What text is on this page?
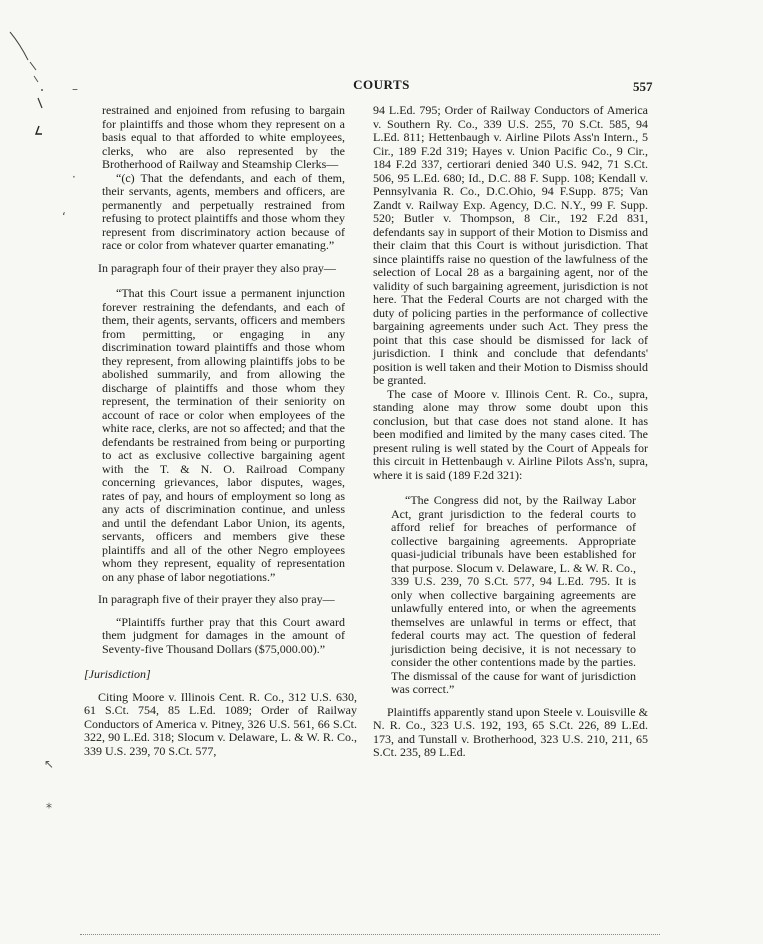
–
·
‘
↖
⁎
COURTS	557

restrained and enjoined from refusing to bargain for plaintiffs and those whom they represent on a basis equal to that afforded to white employees, clerks, who are also represented by the Brotherhood of Railway and Steamship Clerks—

“(c) That the defendants, and each of them, their servants, agents, members and officers, are permanently and perpetually restrained from refusing to protect plaintiffs and those whom they represent from discriminatory action because of race or color from whatever quarter emanating.”

In paragraph four of their prayer they also pray—

“That this Court issue a permanent injunction forever restraining the defendants, and each of them, their agents, servants, officers and members from permitting, or engaging in any discrimination toward plaintiffs and those whom they represent, from allowing plaintiffs jobs to be abolished summarily, and from allowing the discharge of plaintiffs and those whom they represent, the termination of their seniority on account of race or color when employees of the white race, clerks, are not so affected; and that the defendants be restrained from being or purporting to act as exclusive collective bargaining agent with the T. & N. O. Railroad Company concerning grievances, labor disputes, wages, rates of pay, and hours of employment so long as any acts of discrimination continue, and unless and until the defendant Labor Union, its agents, servants, officers and members give these plaintiffs and all of the other Negro employees whom they represent, equality of representation on any phase of labor negotiations.”

In paragraph five of their prayer they also pray—

“Plaintiffs further pray that this Court award them judgment for damages in the amount of Seventy-five Thousand Dollars ($75,000.00).”

[Jurisdiction]

Citing Moore v. Illinois Cent. R. Co., 312 U.S. 630, 61 S.Ct. 754, 85 L.Ed. 1089; Order of Railway Conductors of America v. Pitney, 326 U.S. 561, 66 S.Ct. 322, 90 L.Ed. 318; Slocum v. Delaware, L. & W. R. Co., 339 U.S. 239, 70 S.Ct. 577,

94 L.Ed. 795; Order of Railway Conductors of America v. Southern Ry. Co., 339 U.S. 255, 70 S.Ct. 585, 94 L.Ed. 811; Hettenbaugh v. Airline Pilots Ass'n Intern., 5 Cir., 189 F.2d 319; Hayes v. Union Pacific Co., 9 Cir., 184 F.2d 337, certiorari denied 340 U.S. 942, 71 S.Ct. 506, 95 L.Ed. 680; Id., D.C. 88 F. Supp. 108; Kendall v. Pennsylvania R. Co., D.C.Ohio, 94 F.Supp. 875; Van Zandt v. Railway Exp. Agency, D.C. N.Y., 99 F. Supp. 520; Butler v. Thompson, 8 Cir., 192 F.2d 831, defendants say in support of their Motion to Dismiss and their claim that this Court is without jurisdiction. That since plaintiffs raise no question of the lawfulness of the selection of Local 28 as a bargaining agent, nor of the validity of such bargaining agreement, jurisdiction is not here. That the Federal Courts are not charged with the duty of policing parties in the performance of collective bargaining agreements under such Act. They press the point that this case should be dismissed for lack of jurisdiction. I think and conclude that defendants' position is well taken and their Motion to Dismiss should be granted.

The case of Moore v. Illinois Cent. R. Co., supra, standing alone may throw some doubt upon this conclusion, but that case does not stand alone. It has been modified and limited by the many cases cited. The present ruling is well stated by the Court of Appeals for this circuit in Hettenbaugh v. Airline Pilots Ass'n, supra, where it is said (189 F.2d 321):

“The Congress did not, by the Railway Labor Act, grant jurisdiction to the federal courts to afford relief for breaches of performance of collective bargaining agreements. Appropriate quasi-judicial tribunals have been established for that purpose. Slocum v. Delaware, L. & W. R. Co., 339 U.S. 239, 70 S.Ct. 577, 94 L.Ed. 795. It is only when collective bargaining agreements are unlawfully entered into, or when the agreements themselves are unlawful in terms or effect, that federal courts may act. The question of federal jurisdiction being decisive, it is not necessary to consider the other contentions made by the parties. The dismissal of the cause for want of jurisdiction was correct.”

Plaintiffs apparently stand upon Steele v. Louisville & N. R. Co., 323 U.S. 192, 193, 65 S.Ct. 226, 89 L.Ed. 173, and Tunstall v. Brotherhood, 323 U.S. 210, 211, 65 S.Ct. 235, 89 L.Ed.
